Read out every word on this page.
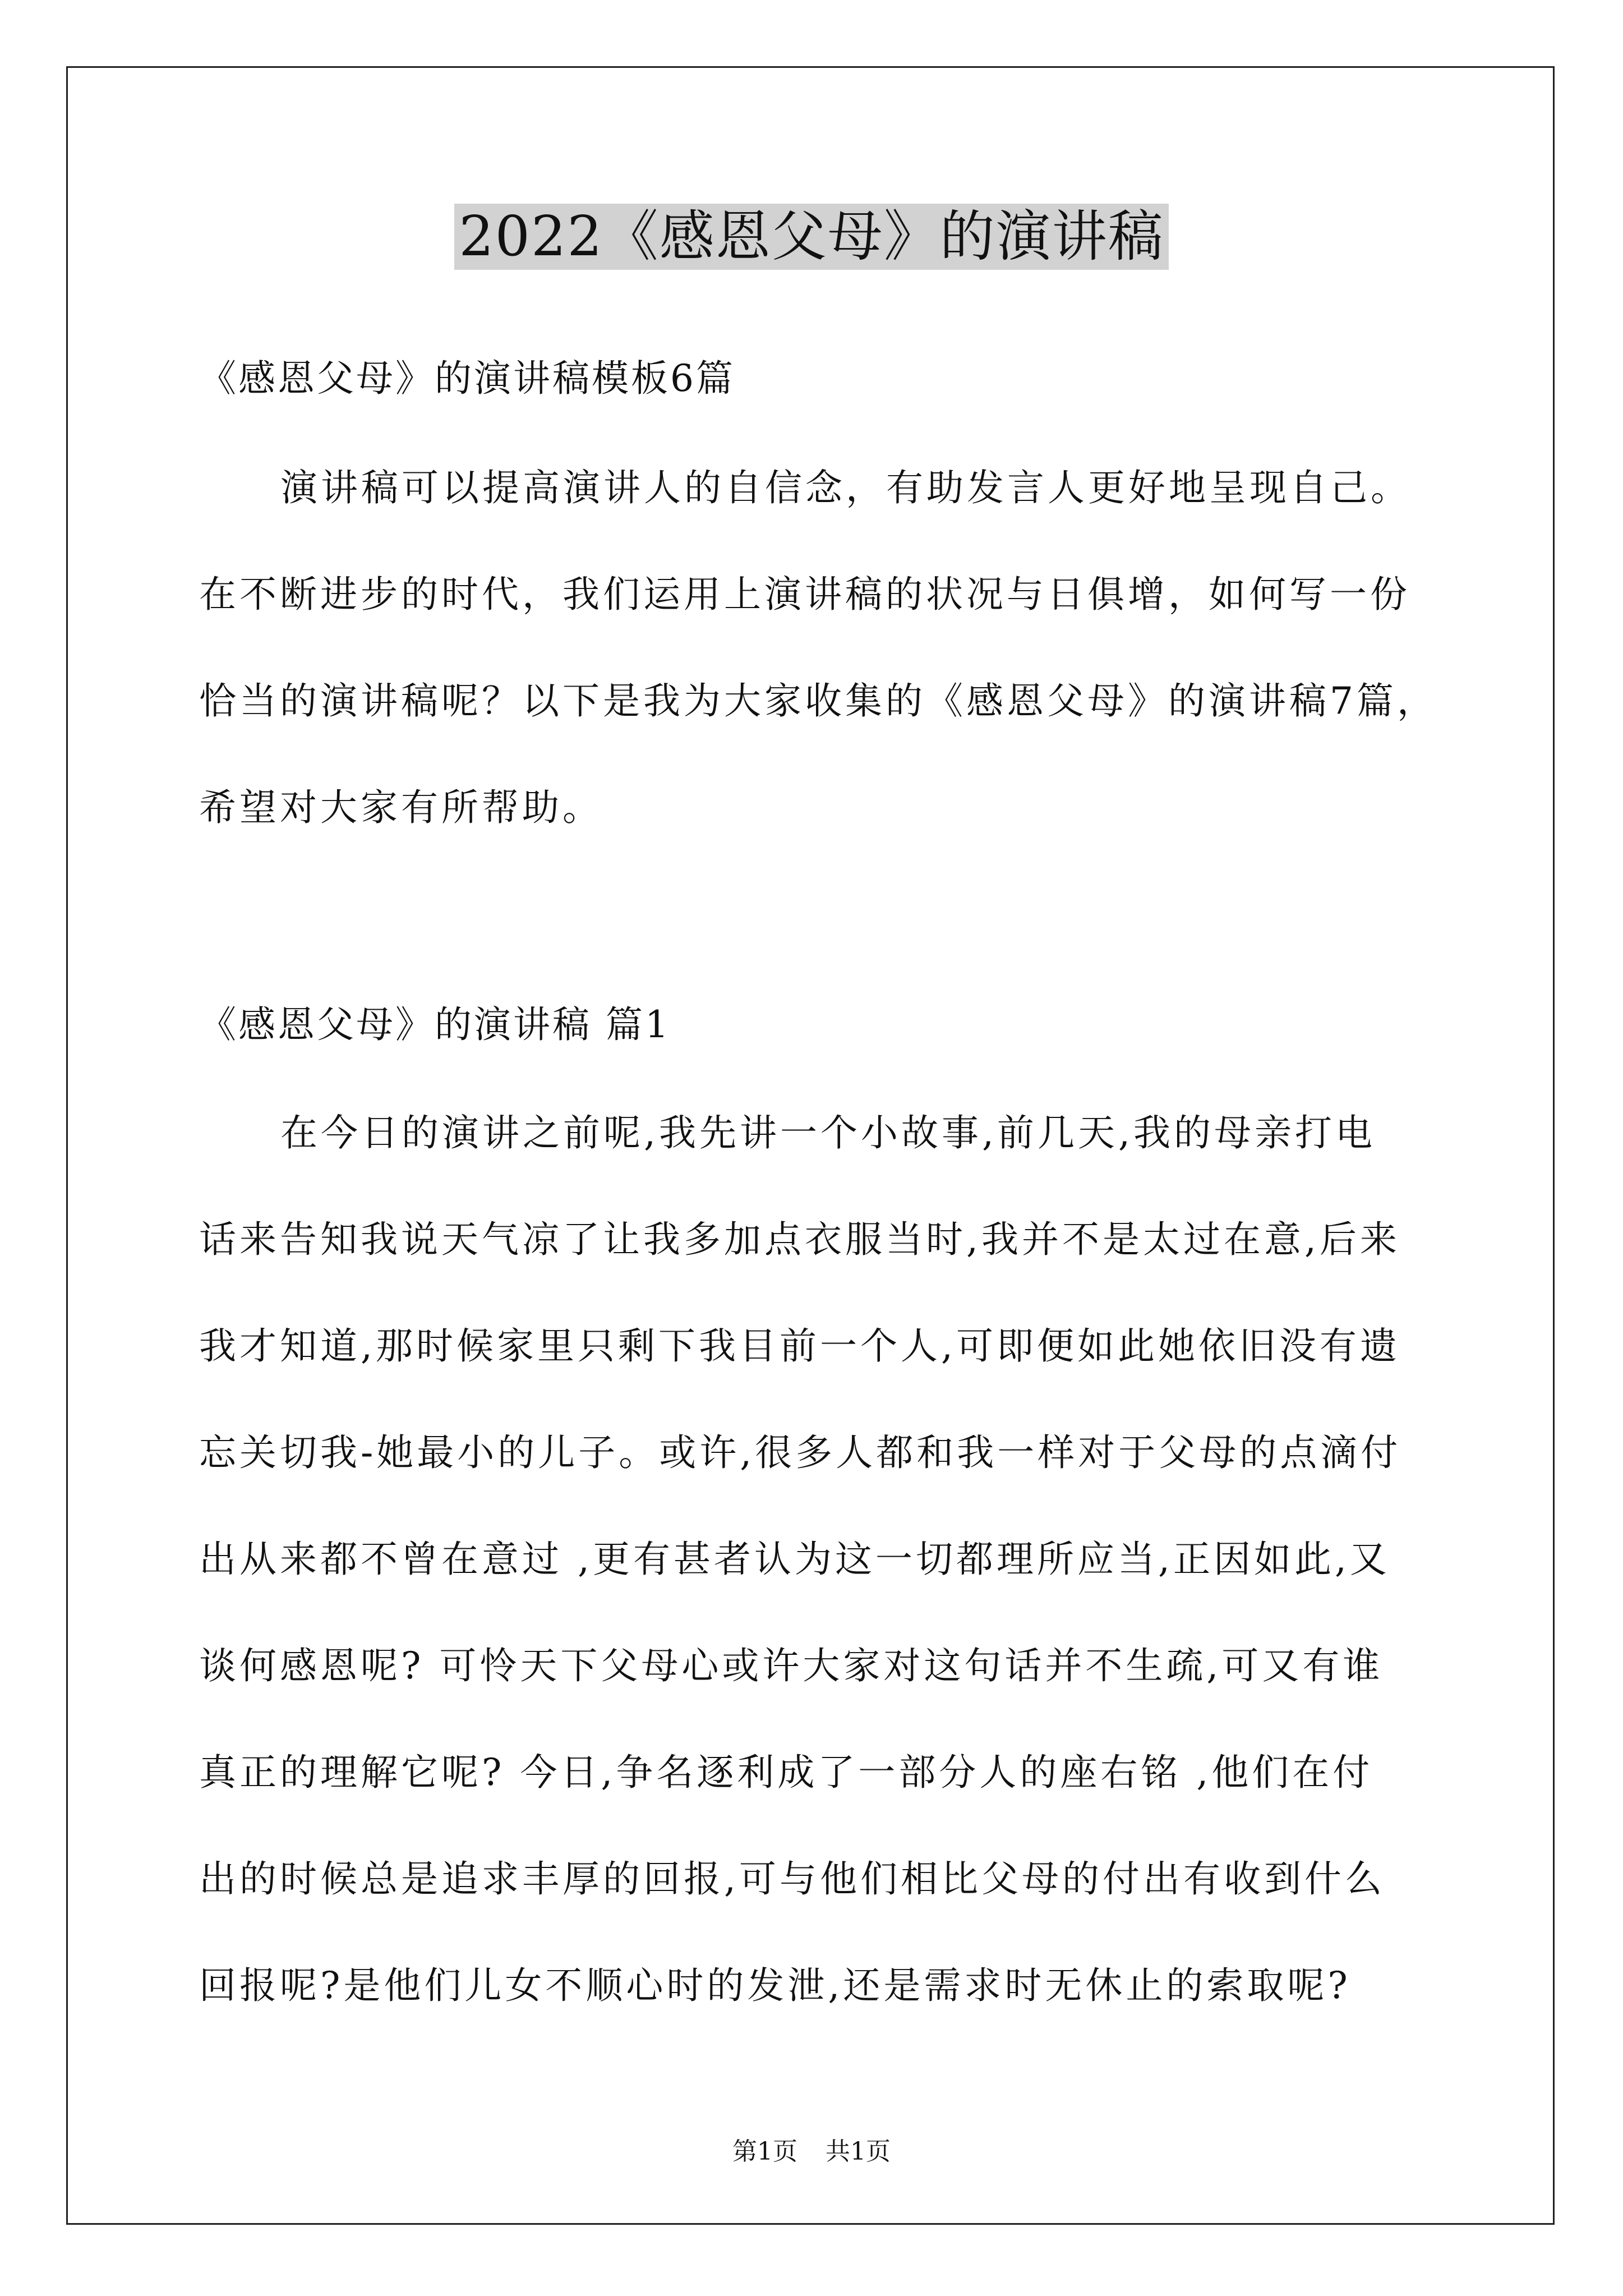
2022《感恩父母》的演讲稿
《感恩父母》的演讲稿模板6篇
演讲稿可以提高演讲人的自信念，有助发言人更好地呈现自己。
在不断进步的时代，我们运用上演讲稿的状况与日俱增，如何写一份
恰当的演讲稿呢？以下是我为大家收集的《感恩父母》的演讲稿7篇，
希望对大家有所帮助。
《感恩父母》的演讲稿 篇1
在今日的演讲之前呢,我先讲一个小故事,前几天,我的母亲打电
话来告知我说天气凉了让我多加点衣服当时,我并不是太过在意,后来
我才知道,那时候家里只剩下我目前一个人,可即便如此她依旧没有遗
忘关切我-她最小的儿子。或许,很多人都和我一样对于父母的点滴付
出从来都不曾在意过 ,更有甚者认为这一切都理所应当,正因如此,又
谈何感恩呢? 可怜天下父母心或许大家对这句话并不生疏,可又有谁
真正的理解它呢? 今日,争名逐利成了一部分人的座右铭 ,他们在付
出的时候总是追求丰厚的回报,可与他们相比父母的付出有收到什么
回报呢?是他们儿女不顺心时的发泄,还是需求时无休止的索取呢?
第1页 共1页
